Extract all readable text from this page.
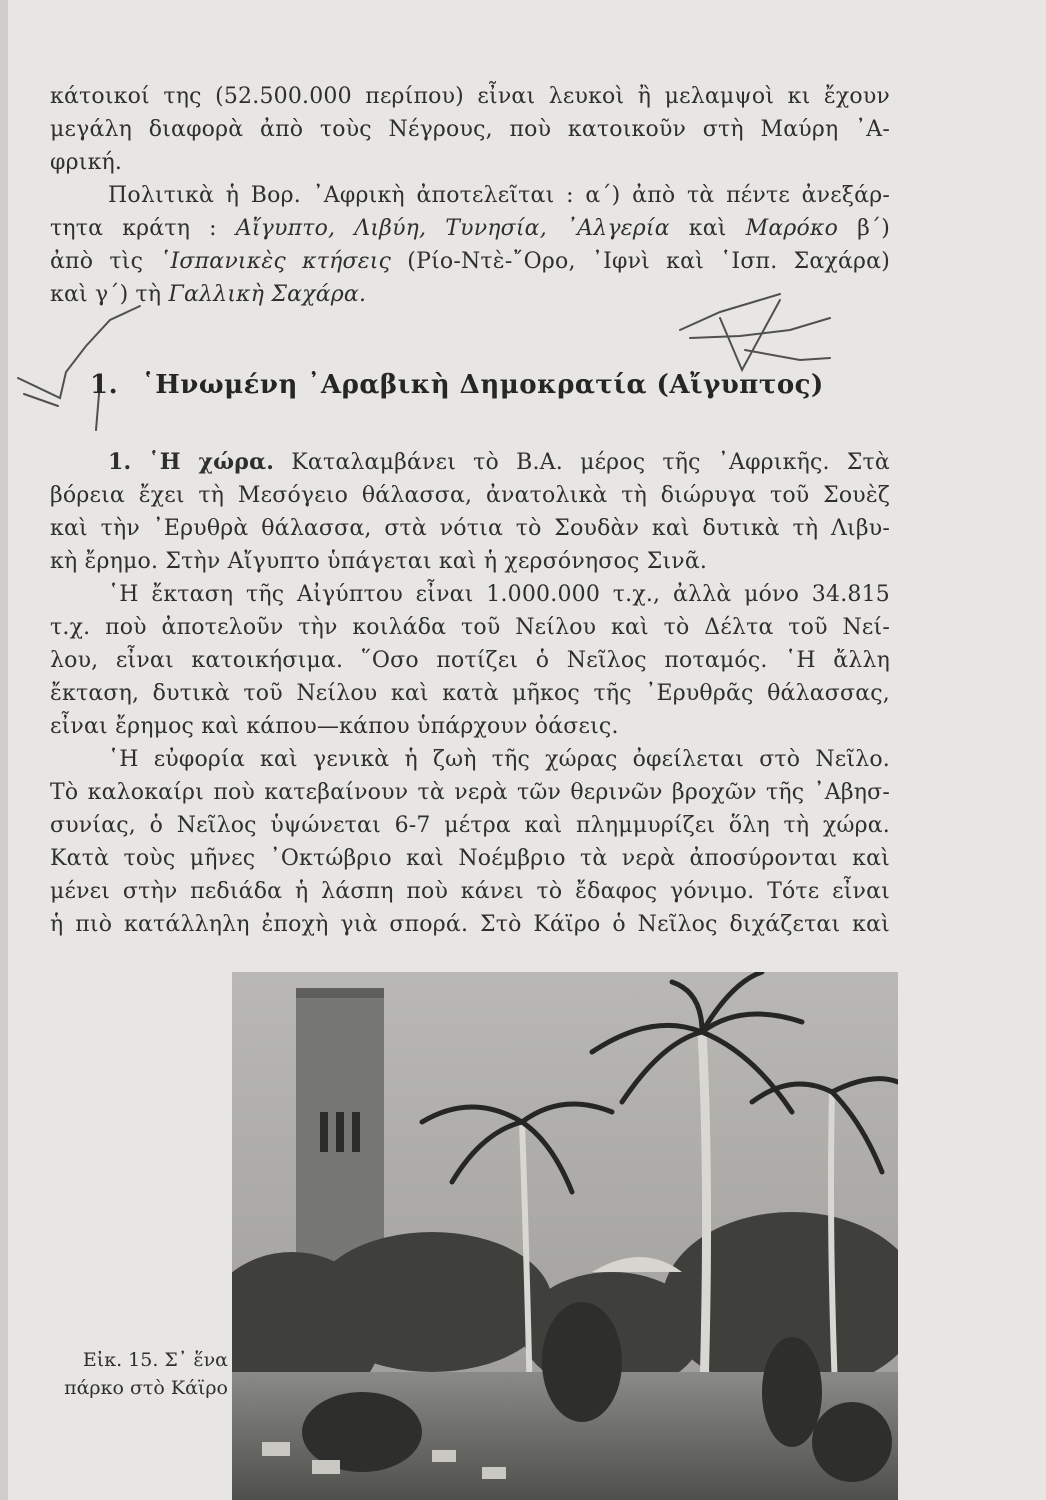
κάτοικοί της (52.500.000 περίπου) εἶναι λευκοὶ ἢ μελαμψοὶ κι ἔχουν
μεγάλη διαφορὰ ἀπὸ τοὺς Νέγρους, ποὺ κατοικοῦν στὴ Μαύρη ᾿Α-
φρική.
Πολιτικὰ ἡ Βορ. ᾿Αφρικὴ ἀποτελεῖται : α΄) ἀπὸ τὰ πέντε ἀνεξάρ-
τητα κράτη : Αἴγυπτο, Λιβύη, Τυνησία, ᾿Αλγερία καὶ Μαρόκο β΄)
ἀπὸ τὶς ῾Ισπανικὲς κτήσεις (Ρίο-Ντὲ-῎Ορο, ᾿Ιφνὶ καὶ ῾Ισπ. Σαχάρα)
καὶ γ΄) τὴ Γαλλικὴ Σαχάρα.
1. ῾Ηνωμένη ᾿Αραβικὴ Δημοκρατία (Αἴγυπτος)
1. ῾Η χώρα. Καταλαμβάνει τὸ Β.Α. μέρος τῆς ᾿Αφρικῆς. Στὰ
βόρεια ἔχει τὴ Μεσόγειο θάλασσα, ἀνατολικὰ τὴ διώρυγα τοῦ Σουὲζ
καὶ τὴν ᾿Ερυθρὰ θάλασσα, στὰ νότια τὸ Σουδὰν καὶ δυτικὰ τὴ Λιβυ-
κὴ ἔρημο. Στὴν Αἴγυπτο ὑπάγεται καὶ ἡ χερσόνησος Σινᾶ.
῾Η ἔκταση τῆς Αἰγύπτου εἶναι 1.000.000 τ.χ., ἀλλὰ μόνο 34.815
τ.χ. ποὺ ἀποτελοῦν τὴν κοιλάδα τοῦ Νείλου καὶ τὸ Δέλτα τοῦ Νεί-
λου, εἶναι κατοικήσιμα. ῞Οσο ποτίζει ὁ Νεῖλος ποταμός. ῾Η ἄλλη
ἔκταση, δυτικὰ τοῦ Νείλου καὶ κατὰ μῆκος τῆς ᾿Ερυθρᾶς θάλασσας,
εἶναι ἔρημος καὶ κάπου—κάπου ὑπάρχουν ὀάσεις.
῾Η εὐφορία καὶ γενικὰ ἡ ζωὴ τῆς χώρας ὀφείλεται στὸ Νεῖλο.
Τὸ καλοκαίρι ποὺ κατεβαίνουν τὰ νερὰ τῶν θερινῶν βροχῶν τῆς ᾿Αβησ-
συνίας, ὁ Νεῖλος ὑψώνεται 6-7 μέτρα καὶ πλημμυρίζει ὅλη τὴ χώρα.
Κατὰ τοὺς μῆνες ᾿Οκτώβριο καὶ Νοέμβριο τὰ νερὰ ἀποσύρονται καὶ
μένει στὴν πεδιάδα ἡ λάσπη ποὺ κάνει τὸ ἔδαφος γόνιμο. Τότε εἶναι
ἡ πιὸ κατάλληλη ἐποχὴ γιὰ σπορά. Στὸ Κάϊρο ὁ Νεῖλος διχάζεται καὶ
Εἰκ. 15. Σ᾿ ἕνα
πάρκο στὸ Κάϊρο
